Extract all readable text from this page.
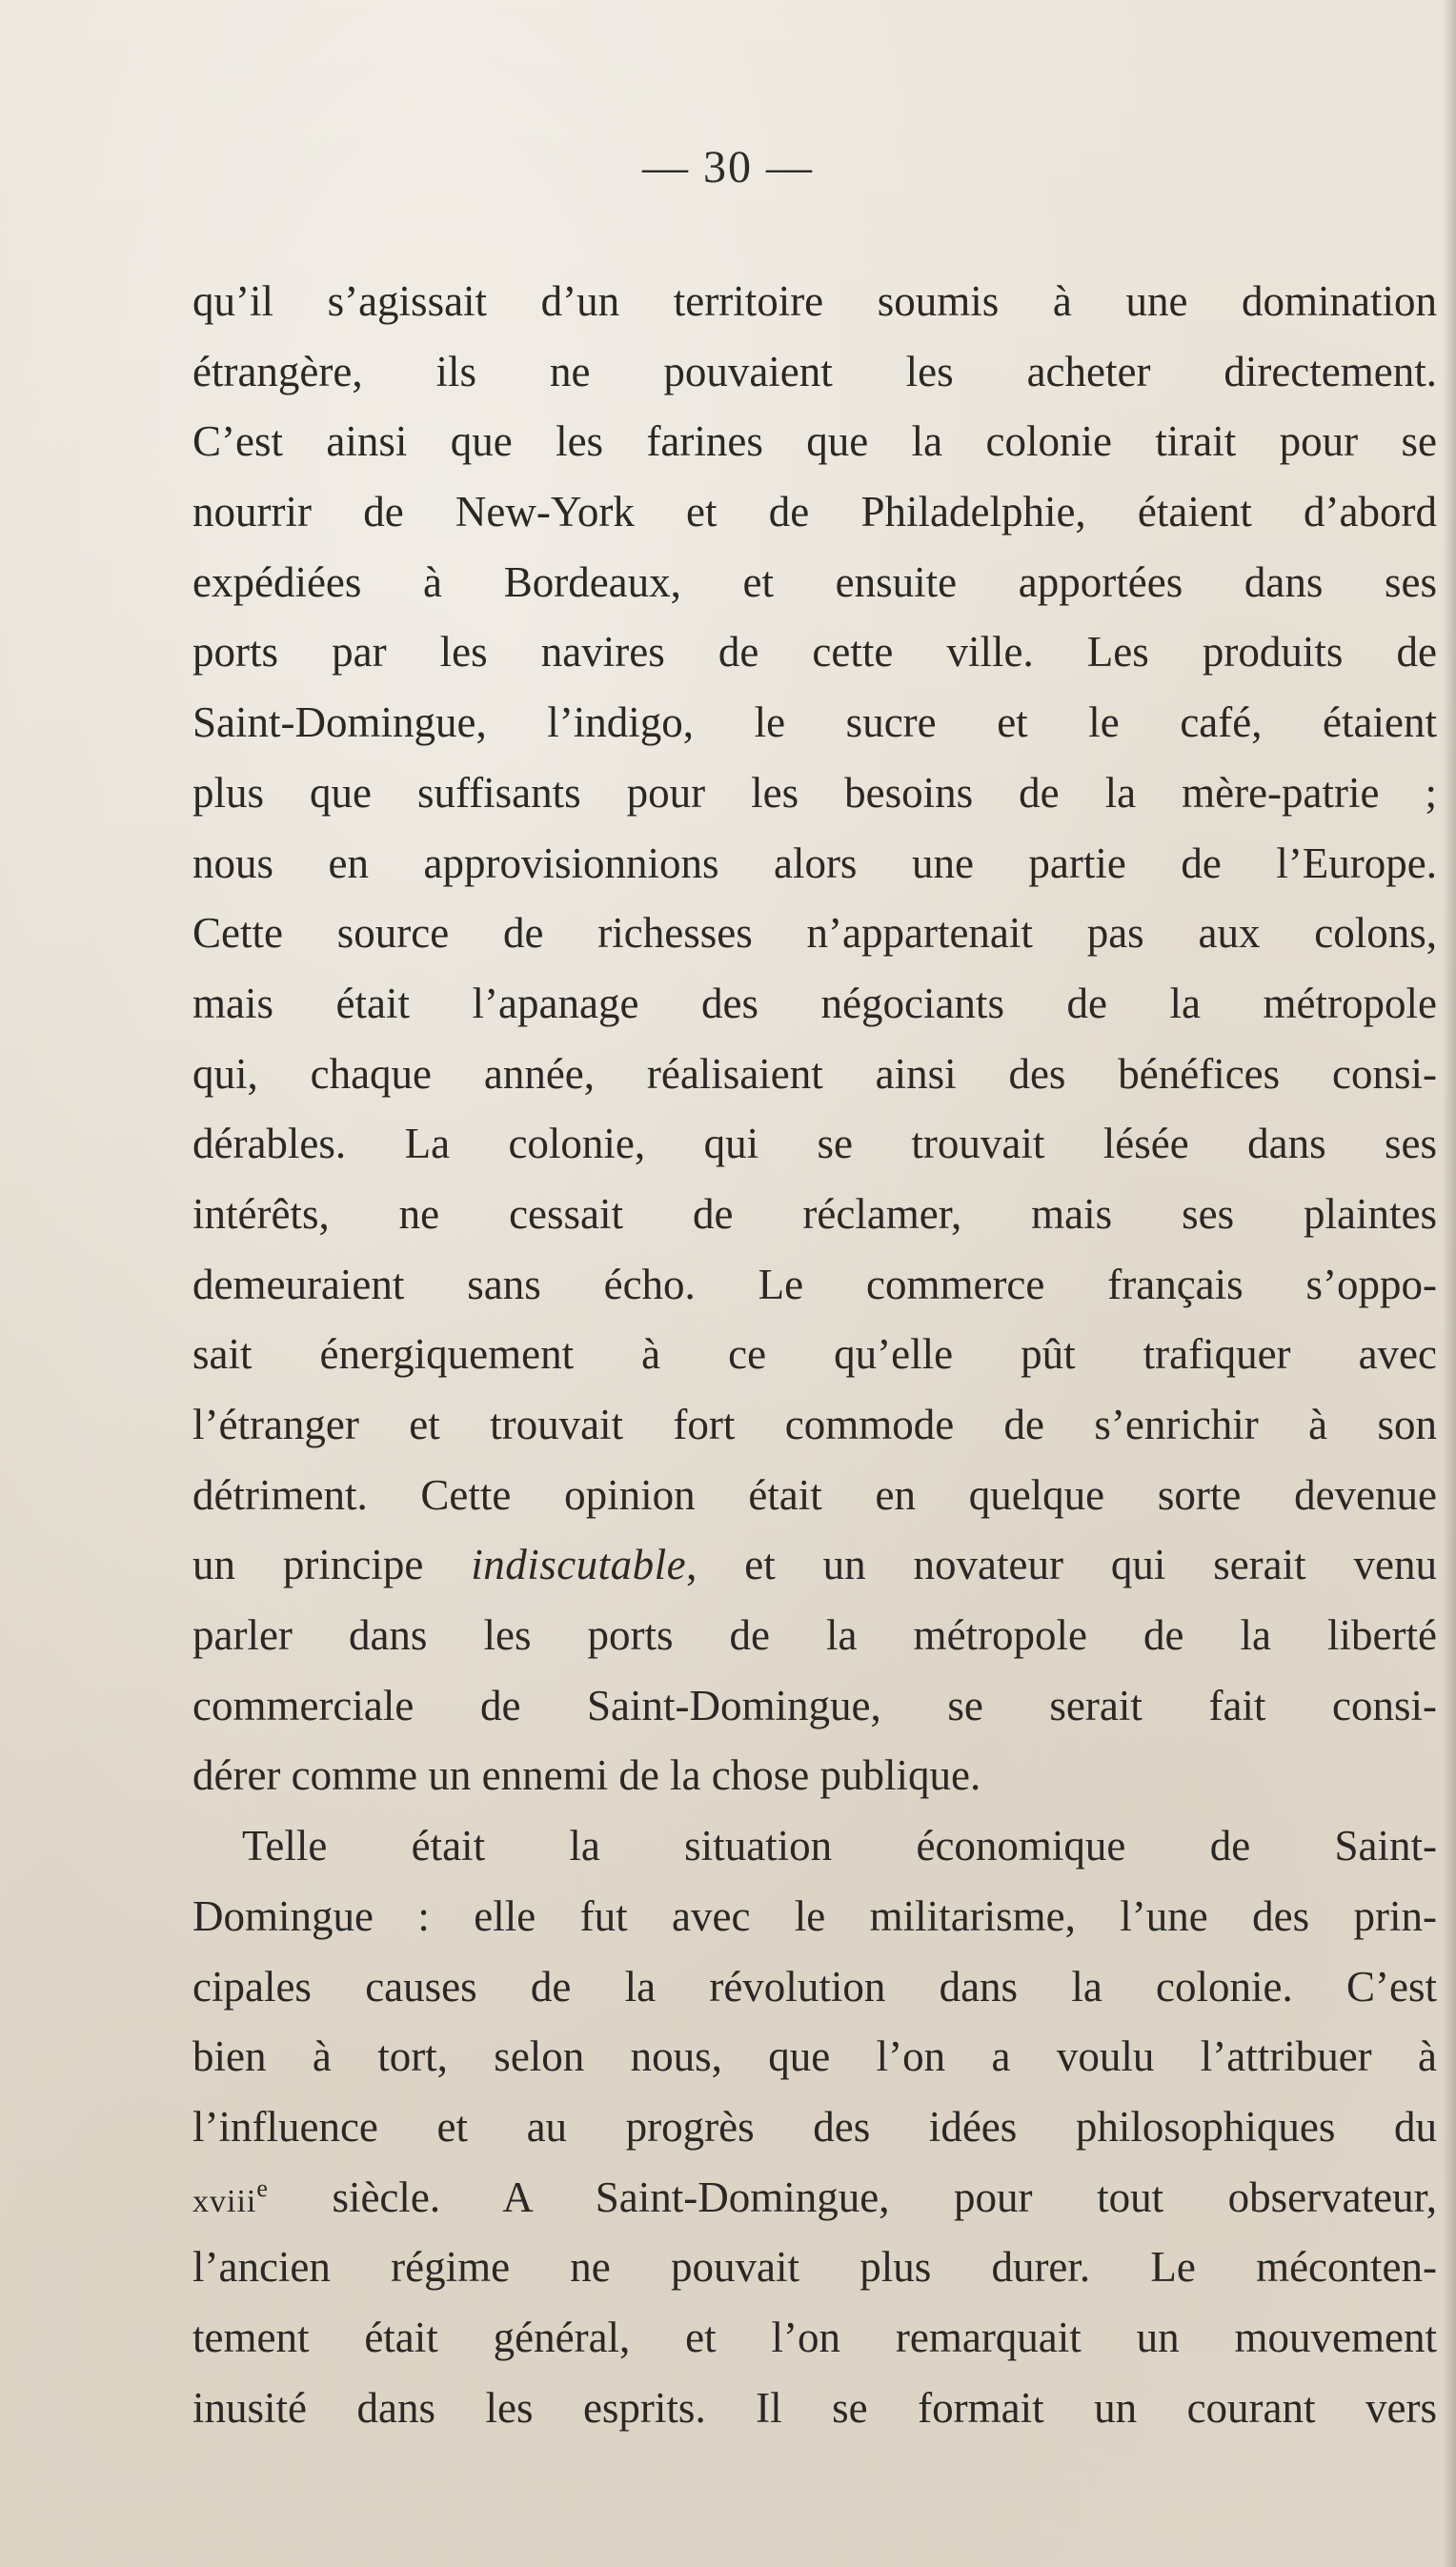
— 30 —
qu’il s’agissait d’un territoire soumis à une domination
étrangère, ils ne pouvaient les acheter directement.
C’est ainsi que les farines que la colonie tirait pour se
nourrir de New-York et de Philadelphie, étaient d’abord
expédiées à Bordeaux, et ensuite apportées dans ses
ports par les navires de cette ville. Les produits de
Saint-Domingue, l’indigo, le sucre et le café, étaient
plus que suffisants pour les besoins de la mère-patrie ;
nous en approvisionnions alors une partie de l’Europe.
Cette source de richesses n’appartenait pas aux colons,
mais était l’apanage des négociants de la métropole
qui, chaque année, réalisaient ainsi des bénéfices consi-
dérables. La colonie, qui se trouvait lésée dans ses
intérêts, ne cessait de réclamer, mais ses plaintes
demeuraient sans écho. Le commerce français s’oppo-
sait énergiquement à ce qu’elle pût trafiquer avec
l’étranger et trouvait fort commode de s’enrichir à son
détriment. Cette opinion était en quelque sorte devenue
un principe indiscutable, et un novateur qui serait venu
parler dans les ports de la métropole de la liberté
commerciale de Saint-Domingue, se serait fait consi-
dérer comme un ennemi de la chose publique.
Telle était la situation économique de Saint-
Domingue : elle fut avec le militarisme, l’une des prin-
cipales causes de la révolution dans la colonie. C’est
bien à tort, selon nous, que l’on a voulu l’attribuer à
l’influence et au progrès des idées philosophiques du
xviii$^e$ siècle. A Saint-Domingue, pour tout observateur,
l’ancien régime ne pouvait plus durer. Le méconten-
tement était général, et l’on remarquait un mouvement
inusité dans les esprits. Il se formait un courant vers
